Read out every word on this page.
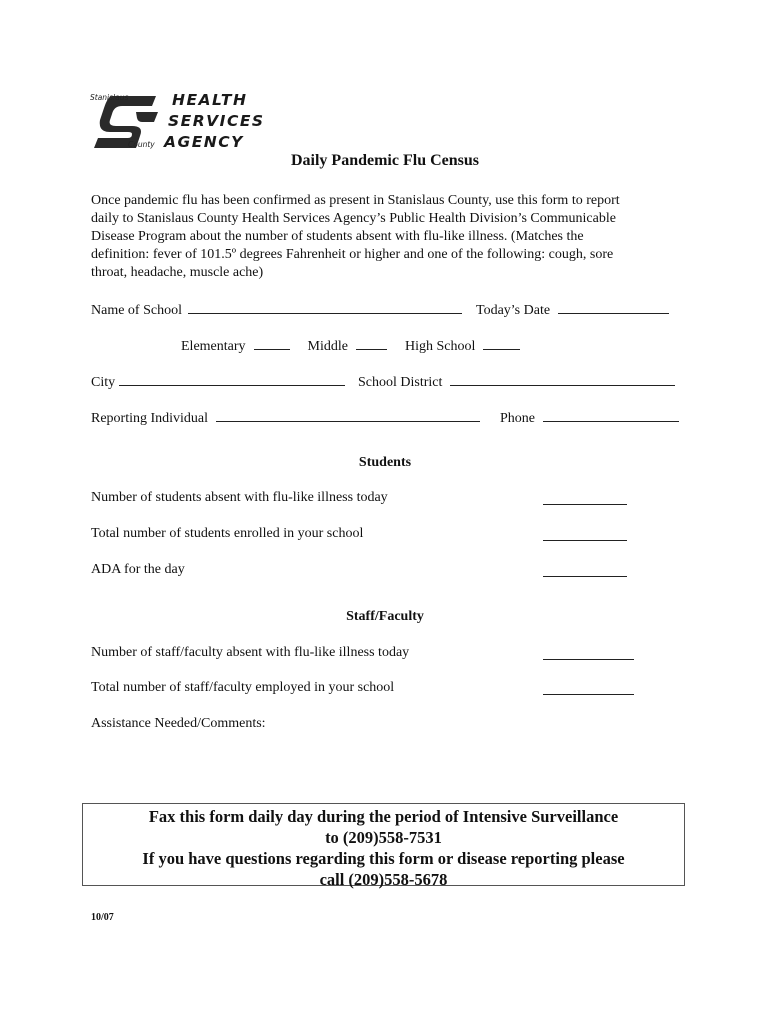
Stanislaus
County
HEALTH
SERVICES
AGENCY
Daily Pandemic Flu Census
Once pandemic flu has been confirmed as present in Stanislaus County, use this form to report
daily to Stanislaus County Health Services Agency’s Public Health Division’s Communicable
Disease Program about the number of students absent with flu-like illness. (Matches the
definition: fever of 101.5º degrees Fahrenheit or higher and one of the following: cough, sore
throat, headache, muscle ache)
Name of School	Today’s Date
Elementary	Middle	High School
City	School District
Reporting Individual	Phone
Students
Number of students absent with flu-like illness today
Total number of students enrolled in your school
ADA for the day
Staff/Faculty
Number of staff/faculty absent with flu-like illness today
Total number of staff/faculty employed in your school
Assistance Needed/Comments:
Fax this form daily day during the period of Intensive Surveillance
to (209)558-7531
If you have questions regarding this form or disease reporting please
call (209)558-5678
10/07
